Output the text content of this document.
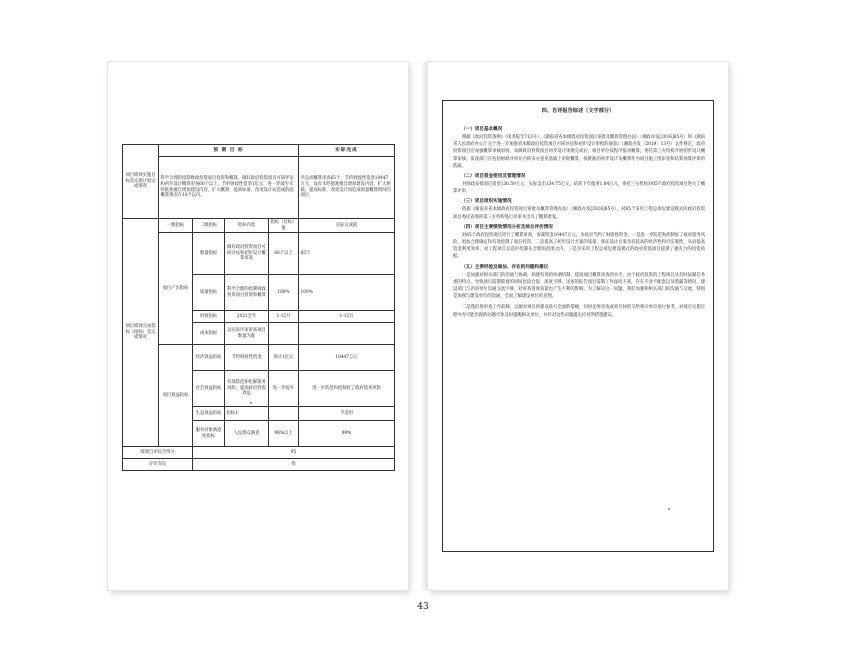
项目绩效实施目标及实施计划完成情况	预 期 目 标				实际完成
	科学合理的控制财政投资项目投资和概算，做好政府投资项目可研评估和初步设计概算审查60个以上，节约财政性资金1亿元，进一步减少未经批准擅自增加建设内容、扩大概算、提高标准、改变设计而造成的超概算情况在10个以内。				共完成概算审查65个，节约财政性资金10447万元，没有未经批准擅自增加建设内容、扩大规模、提高标准、改变设计而造成的超概算情况的项目
项目绩效完成指标（指标）及完成情况	一级指标	二级指标	指标内容	指标（目标）值	实际完成值
	项目产出指标	数量指标	做好政府投资项目可研评估和初步设计概算审查	60个以上	65个
		质量指标	科学合理的控制财政投资项目投资和概算	100%	100%
		时效指标	2021全年	1-12月	1-12月
		成本指标	以实际评审审查项目数量为准		
	项目效益指标	经济效益指标	节约财政性资金	预计1亿元	10447万元
		社会效益指标	有效防范和化解债务风险，提高政府投资效益	进一步提升	进一步防范和控制好了政府债务风险
		生态效益指标	指标1：		不适用
		服务对象满意度指标	人民群众满意	98%以上	99%
绩效自评综合得分		95			
评价等次		优			
四、自评报告综述（文字部分）
（一）项目基本概况

根据《政府投资条例》（国务院令712号）、《湖南省省本级政府投资项目审批及概算管理办法》（湘政办发[2016]85号）和《湖南省人民政府办公厅关于进一步加强省本级政府投资项目可研评估和初步设计审批的通知》（湘政办发〔2019〕13号）文件规定，政府投资项目应加强概算审核审批。本级政府投资项目初步设计审批完成后，项目单位按程序报审概算，委托第三方机构开展初步设计概算审核。发改部门在包括财政评审在内的多方意见基础上审批概算，按批准的初步设计及概算作为项目施工图审查和结算预算评审的依据。

（二）项目资金使用及管理情况

县财政安排项目资金136.59万元，实际支出134.75万元，结转下年使用1.84万元，委托三方机构对65个政府投资项目进行了概算评审。

（三）项目组织实施情况

依据《湖南省省本级政府投资项目审批及概算管理办法》（湘政办发[2016]85号），对65个采用工程总承包建设模式的政府投资项目委托省委的第三方机构进行评审并出具了概算批复。

（四）项目主要绩效情况分析及综合评价情况

对65个政府投资项目进行了概算审查，审减资金10447万元，为政府节约了财政性资金，一是进一步防范和控制好了政府债务风险，更加合理确定和有效控制了项目投资，二是提高了初步设计方案的质量，保证设计方案具有较高的经济性和可实施性，从而提高资金利用效率，对工程项目总造价控制在合理的范围之内，三是为采用工程总承包建设模式的政府投资项目提供了强有力的投资依据。

（五）主要经验及做法、存在的问题和建议

一是加强对相关部门的沟通与协调，构建有效的协调机制，提高项目概算审查的水平，由于政府投资的工程项目具有时间紧任务重的特点，导致项目前期策划的时间比较仓促、深度不够，送审的报告项目前期工作深度不高，存在专业不配套以及错漏等情况，建设部门与评审单位沟通交流不够，对审查进度质量也产生不利的影响，为了解决这一问题，我们加强和相关部门的沟通与交流，特别是加强与建设单位的沟通，全面了解建设单位的意图。

二是我们将审查工作前移，以便对项目的建设进行全面的掌握，同时还将审查成果尽快的交给相关单位进行参考，对项目实施过程中有可能出现的问题尽快及时提醒相关单位，并针对这些问题提出应对的措施建议。

43
